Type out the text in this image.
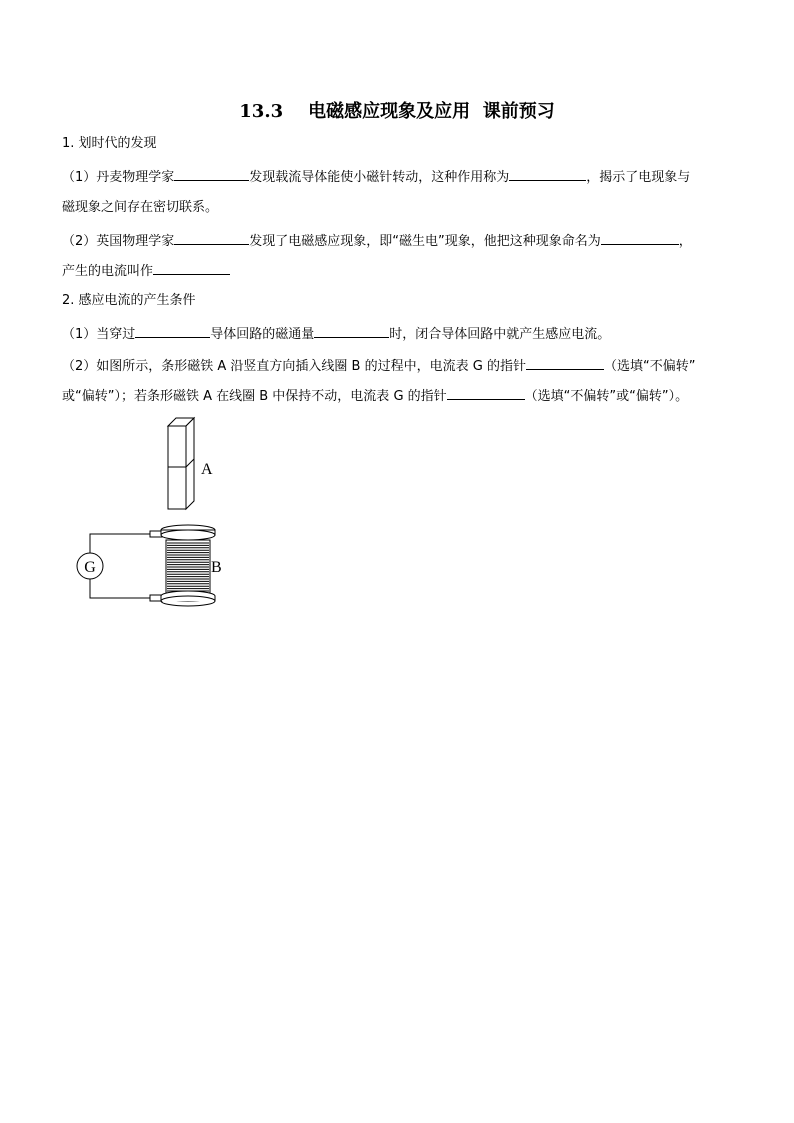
13.3    电磁感应现象及应用  课前预习
1. 划时代的发现
（1）丹麦物理学家	发现载流导体能使小磁针转动，这种作用称为	，揭示了电现象与
磁现象之间存在密切联系。
（2）英国物理学家	发现了电磁感应现象，即“磁生电”现象，他把这种现象命名为	，
产生的电流叫作
2. 感应电流的产生条件
（1）当穿过	导体回路的磁通量	时，闭合导体回路中就产生感应电流。
（2）如图所示，条形磁铁 A 沿竖直方向插入线圈 B 的过程中，电流表 G 的指针	（选填“不偏转”
或“偏转”）；若条形磁铁 A 在线圈 B 中保持不动，电流表 G 的指针	（选填“不偏转”或“偏转”）。
A
G	B
